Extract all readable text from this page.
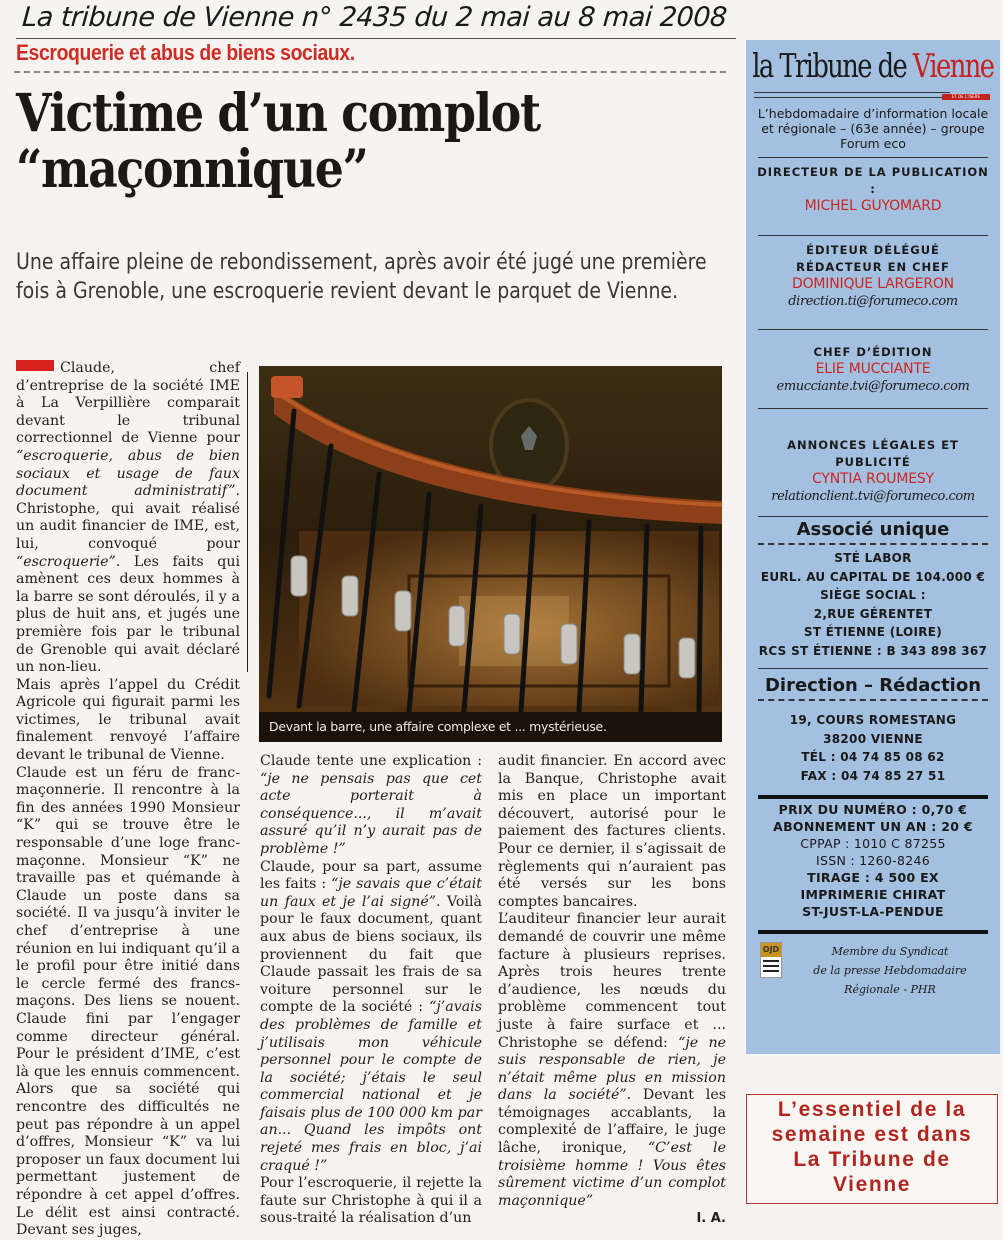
La tribune de Vienne n° 2435 du 2 mai au 8 mai 2008
Escroquerie et abus de biens sociaux.
Victime d’un complot
“maçonnique”
Une affaire pleine de rebondissement, après avoir été jugé une première fois à Grenoble, une escroquerie revient devant le parquet de Vienne.

Claude, chef d’entreprise de la société IME à La Verpillière comparait devant le tribunal correctionnel de Vienne pour “escroquerie, abus de bien sociaux et usage de faux document administratif”. Christophe, qui avait réalisé un audit financier de IME, est, lui, convoqué pour “escroquerie”. Les faits qui amènent ces deux hommes à la barre se sont déroulés, il y a plus de huit ans, et jugés une première fois par le tribunal de Grenoble qui avait déclaré un non-lieu.

Mais après l’appel du Crédit Agricole qui figurait parmi les victimes, le tribunal avait finalement renvoyé l’affaire devant le tribunal de Vienne.

Claude est un féru de franc-maçonnerie. Il rencontre à la fin des années 1990 Monsieur “K” qui se trouve être le responsable d’une loge franc-maçonne. Monsieur “K” ne travaille pas et quémande à Claude un poste dans sa société. Il va jusqu’à inviter le chef d’entreprise à une réunion en lui indiquant qu’il a le profil pour être initié dans le cercle fermé des francs- maçons. Des liens se nouent. Claude fini par l’engager comme directeur général. Pour le président d’IME, c’est là que les ennuis commencent. Alors que sa société qui rencontre des difficultés ne peut pas répondre à un appel d’offres, Monsieur “K” va lui proposer un faux document lui permettant justement de répondre à cet appel d’offres. Le délit est ainsi contracté. Devant ses juges,

Devant la barre, une affaire complexe et ... mystérieuse.

Claude tente une explication : “je ne pensais pas que cet acte porterait à conséquence..., il m’avait assuré qu’il n’y aurait pas de problème !”

Claude, pour sa part, assume les faits : “je savais que c’était un faux et je l’ai signé”. Voilà pour le faux document, quant aux abus de biens sociaux, ils proviennent du fait que Claude passait les frais de sa voiture personnel sur le compte de la société : “j’avais des problèmes de famille et j’utilisais mon véhicule personnel pour le compte de la société; j’étais le seul commercial national et je faisais plus de 100 000 km par an... Quand les impôts ont rejeté mes frais en bloc, j’ai craqué !”

Pour l’escroquerie, il rejette la faute sur Christophe à qui il a sous-traité la réalisation d’un

audit financier. En accord avec la Banque, Christophe avait mis en place un important découvert, autorisé pour le paiement des factures clients. Pour ce dernier, il s’agissait de règlements qui n’auraient pas été versés sur les bons comptes bancaires.

L’auditeur financier leur aurait demandé de couvrir une même facture à plusieurs reprises. Après trois heures trente d’audience, les nœuds du problème commencent tout juste à faire surface et ... Christophe se défend: “je ne suis responsable de rien, je n’était même plus en mission dans la société”. Devant les témoignages accablants, la complexité de l’affaire, le juge lâche, ironique, “C’est le troisième homme ! Vous êtes sûrement victime d’un complot maçonnique”

I. A.

la Tribune de Vienne
ET DE L'ISÈRE
L’hebdomadaire d’information locale et régionale – (63e année) – groupe Forum eco
DIRECTEUR DE LA PUBLICATION :
MICHEL GUYOMARD
ÉDITEUR DÉLÉGUÉ
RÉDACTEUR EN CHEF
DOMINIQUE LARGERON
direction.ti@forumeco.com
CHEF D’ÉDITION
ELIE MUCCIANTE
emucciante.tvi@forumeco.com
ANNONCES LÉGALES ET PUBLICITÉ
CYNTIA ROUMESY
relationclient.tvi@forumeco.com
Associé unique
STÉ LABOR
EURL. AU CAPITAL DE 104.000 €
SIÈGE SOCIAL :
2,RUE GÉRENTET
ST ÉTIENNE (LOIRE)
RCS ST ÉTIENNE : B 343 898 367
Direction – Rédaction
19, COURS ROMESTANG
38200 VIENNE
TÉL : 04 74 85 08 62
FAX : 04 74 85 27 51
PRIX DU NUMÉRO : 0,70 €
ABONNEMENT UN AN : 20 €
CPPAP : 1010 C 87255
ISSN : 1260-8246
TIRAGE : 4 500 EX
IMPRIMERIE CHIRAT
ST-JUST-LA-PENDUE
OJD	Membre du Syndicat
de la presse Hebdomadaire
Régionale - PHR
L’essentiel de la
semaine est dans
La Tribune de
Vienne
